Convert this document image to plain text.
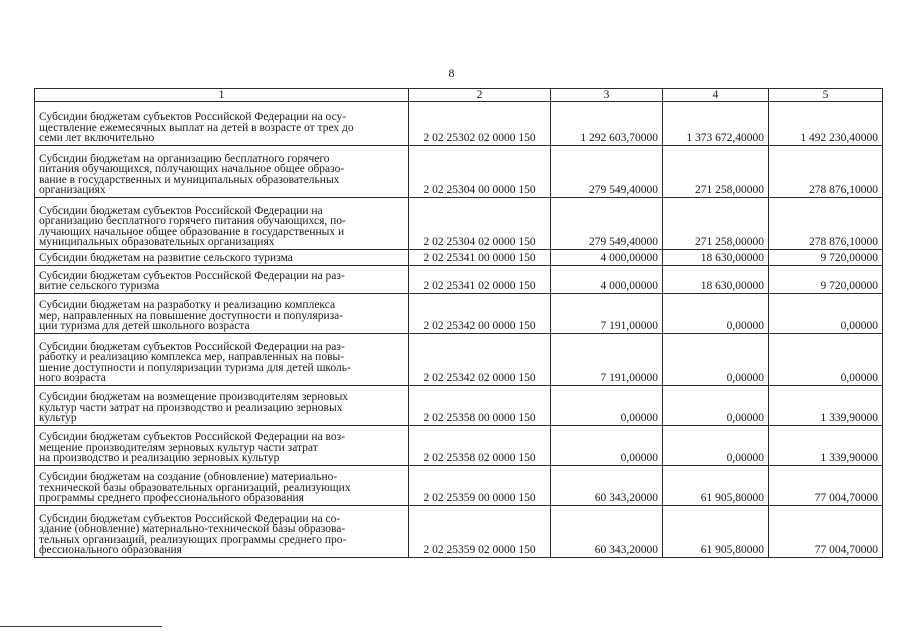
8
1	2	3	4	5
Субсидии бюджетам субъектов Российской Федерации на осу-
ществление ежемесячных выплат на детей в возрасте от трех до
семи лет включительно	2 02 25302 02 0000 150	1 292 603,70000	1 373 672,40000	1 492 230,40000
Субсидии бюджетам на организацию бесплатного горячего
питания обучающихся, получающих начальное общее образо-
вание в государственных и муниципальных образовательных
организациях	2 02 25304 00 0000 150	279 549,40000	271 258,00000	278 876,10000
Субсидии бюджетам субъектов Российской Федерации на
организацию бесплатного горячего питания обучающихся, по-
лучающих начальное общее образование в государственных и
муниципальных образовательных организациях	2 02 25304 02 0000 150	279 549,40000	271 258,00000	278 876,10000
Субсидии бюджетам на развитие сельского туризма	2 02 25341 00 0000 150	4 000,00000	18 630,00000	9 720,00000
Субсидии бюджетам субъектов Российской Федерации на раз-
витие сельского туризма	2 02 25341 02 0000 150	4 000,00000	18 630,00000	9 720,00000
Субсидии бюджетам на разработку и реализацию комплекса
мер, направленных на повышение доступности и популяриза-
ции туризма для детей школьного возраста	2 02 25342 00 0000 150	7 191,00000	0,00000	0,00000
Субсидии бюджетам субъектов Российской Федерации на раз-
работку и реализацию комплекса мер, направленных на повы-
шение доступности и популяризации туризма для детей школь-
ного возраста	2 02 25342 02 0000 150	7 191,00000	0,00000	0,00000
Субсидии бюджетам на возмещение производителям зерновых
культур части затрат на производство и реализацию зерновых
культур	2 02 25358 00 0000 150	0,00000	0,00000	1 339,90000
Субсидии бюджетам субъектов Российской Федерации на воз-
мещение производителям зерновых культур части затрат
на производство и реализацию зерновых культур	2 02 25358 02 0000 150	0,00000	0,00000	1 339,90000
Субсидии бюджетам на создание (обновление) материально-
технической базы образовательных организаций, реализующих
программы среднего профессионального образования	2 02 25359 00 0000 150	60 343,20000	61 905,80000	77 004,70000
Субсидии бюджетам субъектов Российской Федерации на со-
здание (обновление) материально-технической базы образова-
тельных организаций, реализующих программы среднего про-
фессионального образования	2 02 25359 02 0000 150	60 343,20000	61 905,80000	77 004,70000
